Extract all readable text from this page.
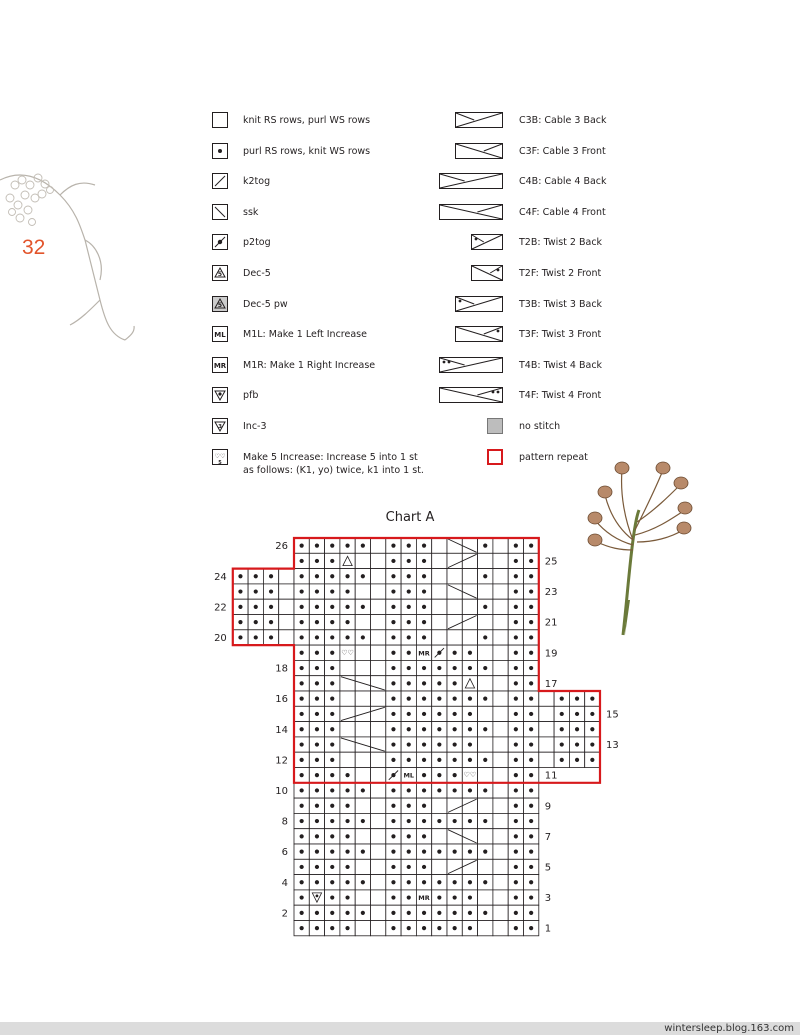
32
knit RS rows, purl WS rows
purl RS rows, knit WS rows
k2tog
ssk
p2tog
5 Dec-5
5 Dec-5 pw
ML M1L: Make 1 Left Increase
MR M1R: Make 1 Right Increase
pfb
3 Inc-3
♡♡
5 Make 5 Increase: Increase 5 into 1 st
as follows: (K1, yo) twice, k1 into 1 st.
C3B: Cable 3 Back
C3F: Cable 3 Front
C4B: Cable 4 Back
C4F: Cable 4 Front
T2B: Twist 2 Back
T2F: Twist 2 Front
T3B: Twist 3 Back
T3F: Twist 3 Front
T4B: Twist 4 Back
T4F: Twist 4 Front
no stitch
pattern repeat
Chart A
♡♡	MR
ML	♡♡
MR
26
24
22
20
18
16
14
12
10
8
6
4
2
25
23
21
19
17
15
13
11
9
7
5
3
1
wintersleep.blog.163.com
